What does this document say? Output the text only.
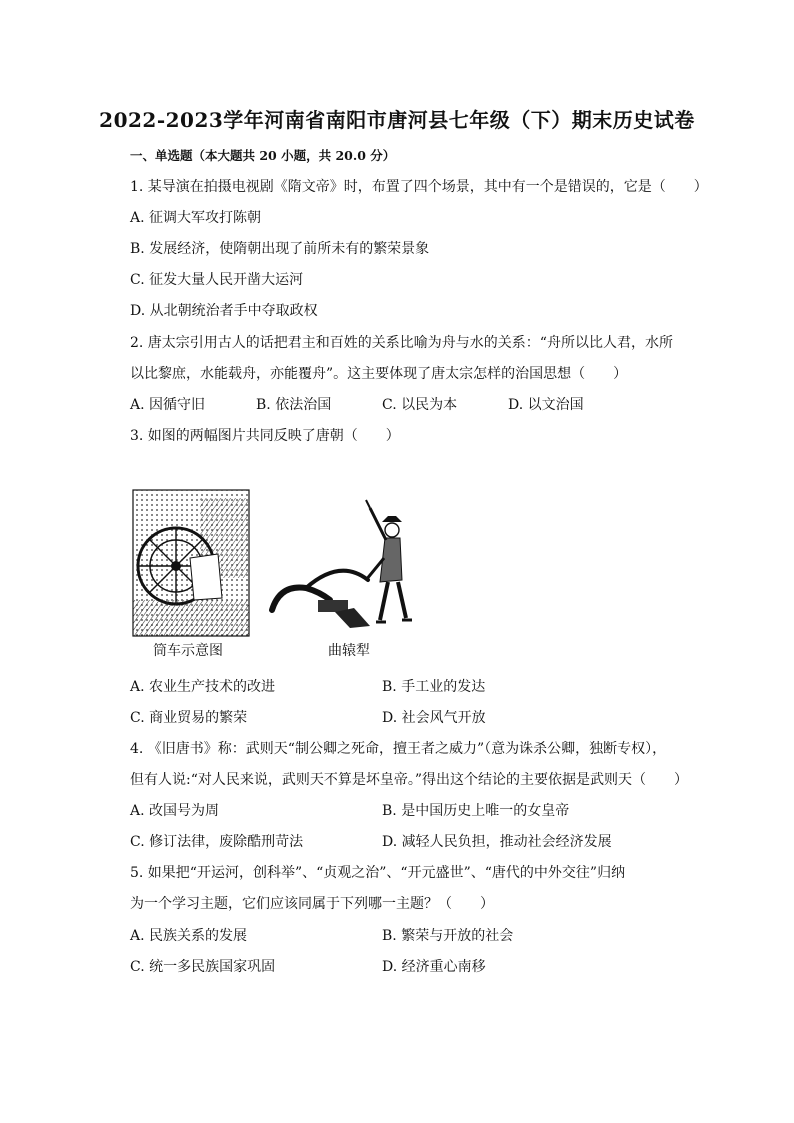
2022-2023学年河南省南阳市唐河县七年级（下）期末历史试卷
一、单选题（本大题共 20 小题，共 20.0 分）
1. 某导演在拍摄电视剧《隋文帝》时，布置了四个场景，其中有一个是错误的，它是（　　）
A. 征调大军攻打陈朝
B. 发展经济，使隋朝出现了前所未有的繁荣景象
C. 征发大量人民开凿大运河
D. 从北朝统治者手中夺取政权
2. 唐太宗引用古人的话把君主和百姓的关系比喻为舟与水的关系：“舟所以比人君，水所
以比黎庶，水能载舟，亦能覆舟”。这主要体现了唐太宗怎样的治国思想（　　）
A. 因循守旧	B. 依法治国	C. 以民为本	D. 以文治国
3. 如图的两幅图片共同反映了唐朝（　　）
筒车示意图	曲辕犁
A. 农业生产技术的改进	B. 手工业的发达
C. 商业贸易的繁荣	D. 社会风气开放
4. 《旧唐书》称：武则天“制公卿之死命，擅王者之威力”（意为诛杀公卿，独断专权），
但有人说:“对人民来说，武则天不算是坏皇帝。”得出这个结论的主要依据是武则天（　　）
A. 改国号为周	B. 是中国历史上唯一的女皇帝
C. 修订法律，废除酷刑苛法	D. 减轻人民负担，推动社会经济发展
5. 如果把“开运河，创科举”、“贞观之治”、“开元盛世”、“唐代的中外交往”归纳
为一个学习主题，它们应该同属于下列哪一主题？（　　）
A. 民族关系的发展	B. 繁荣与开放的社会
C. 统一多民族国家巩固	D. 经济重心南移
